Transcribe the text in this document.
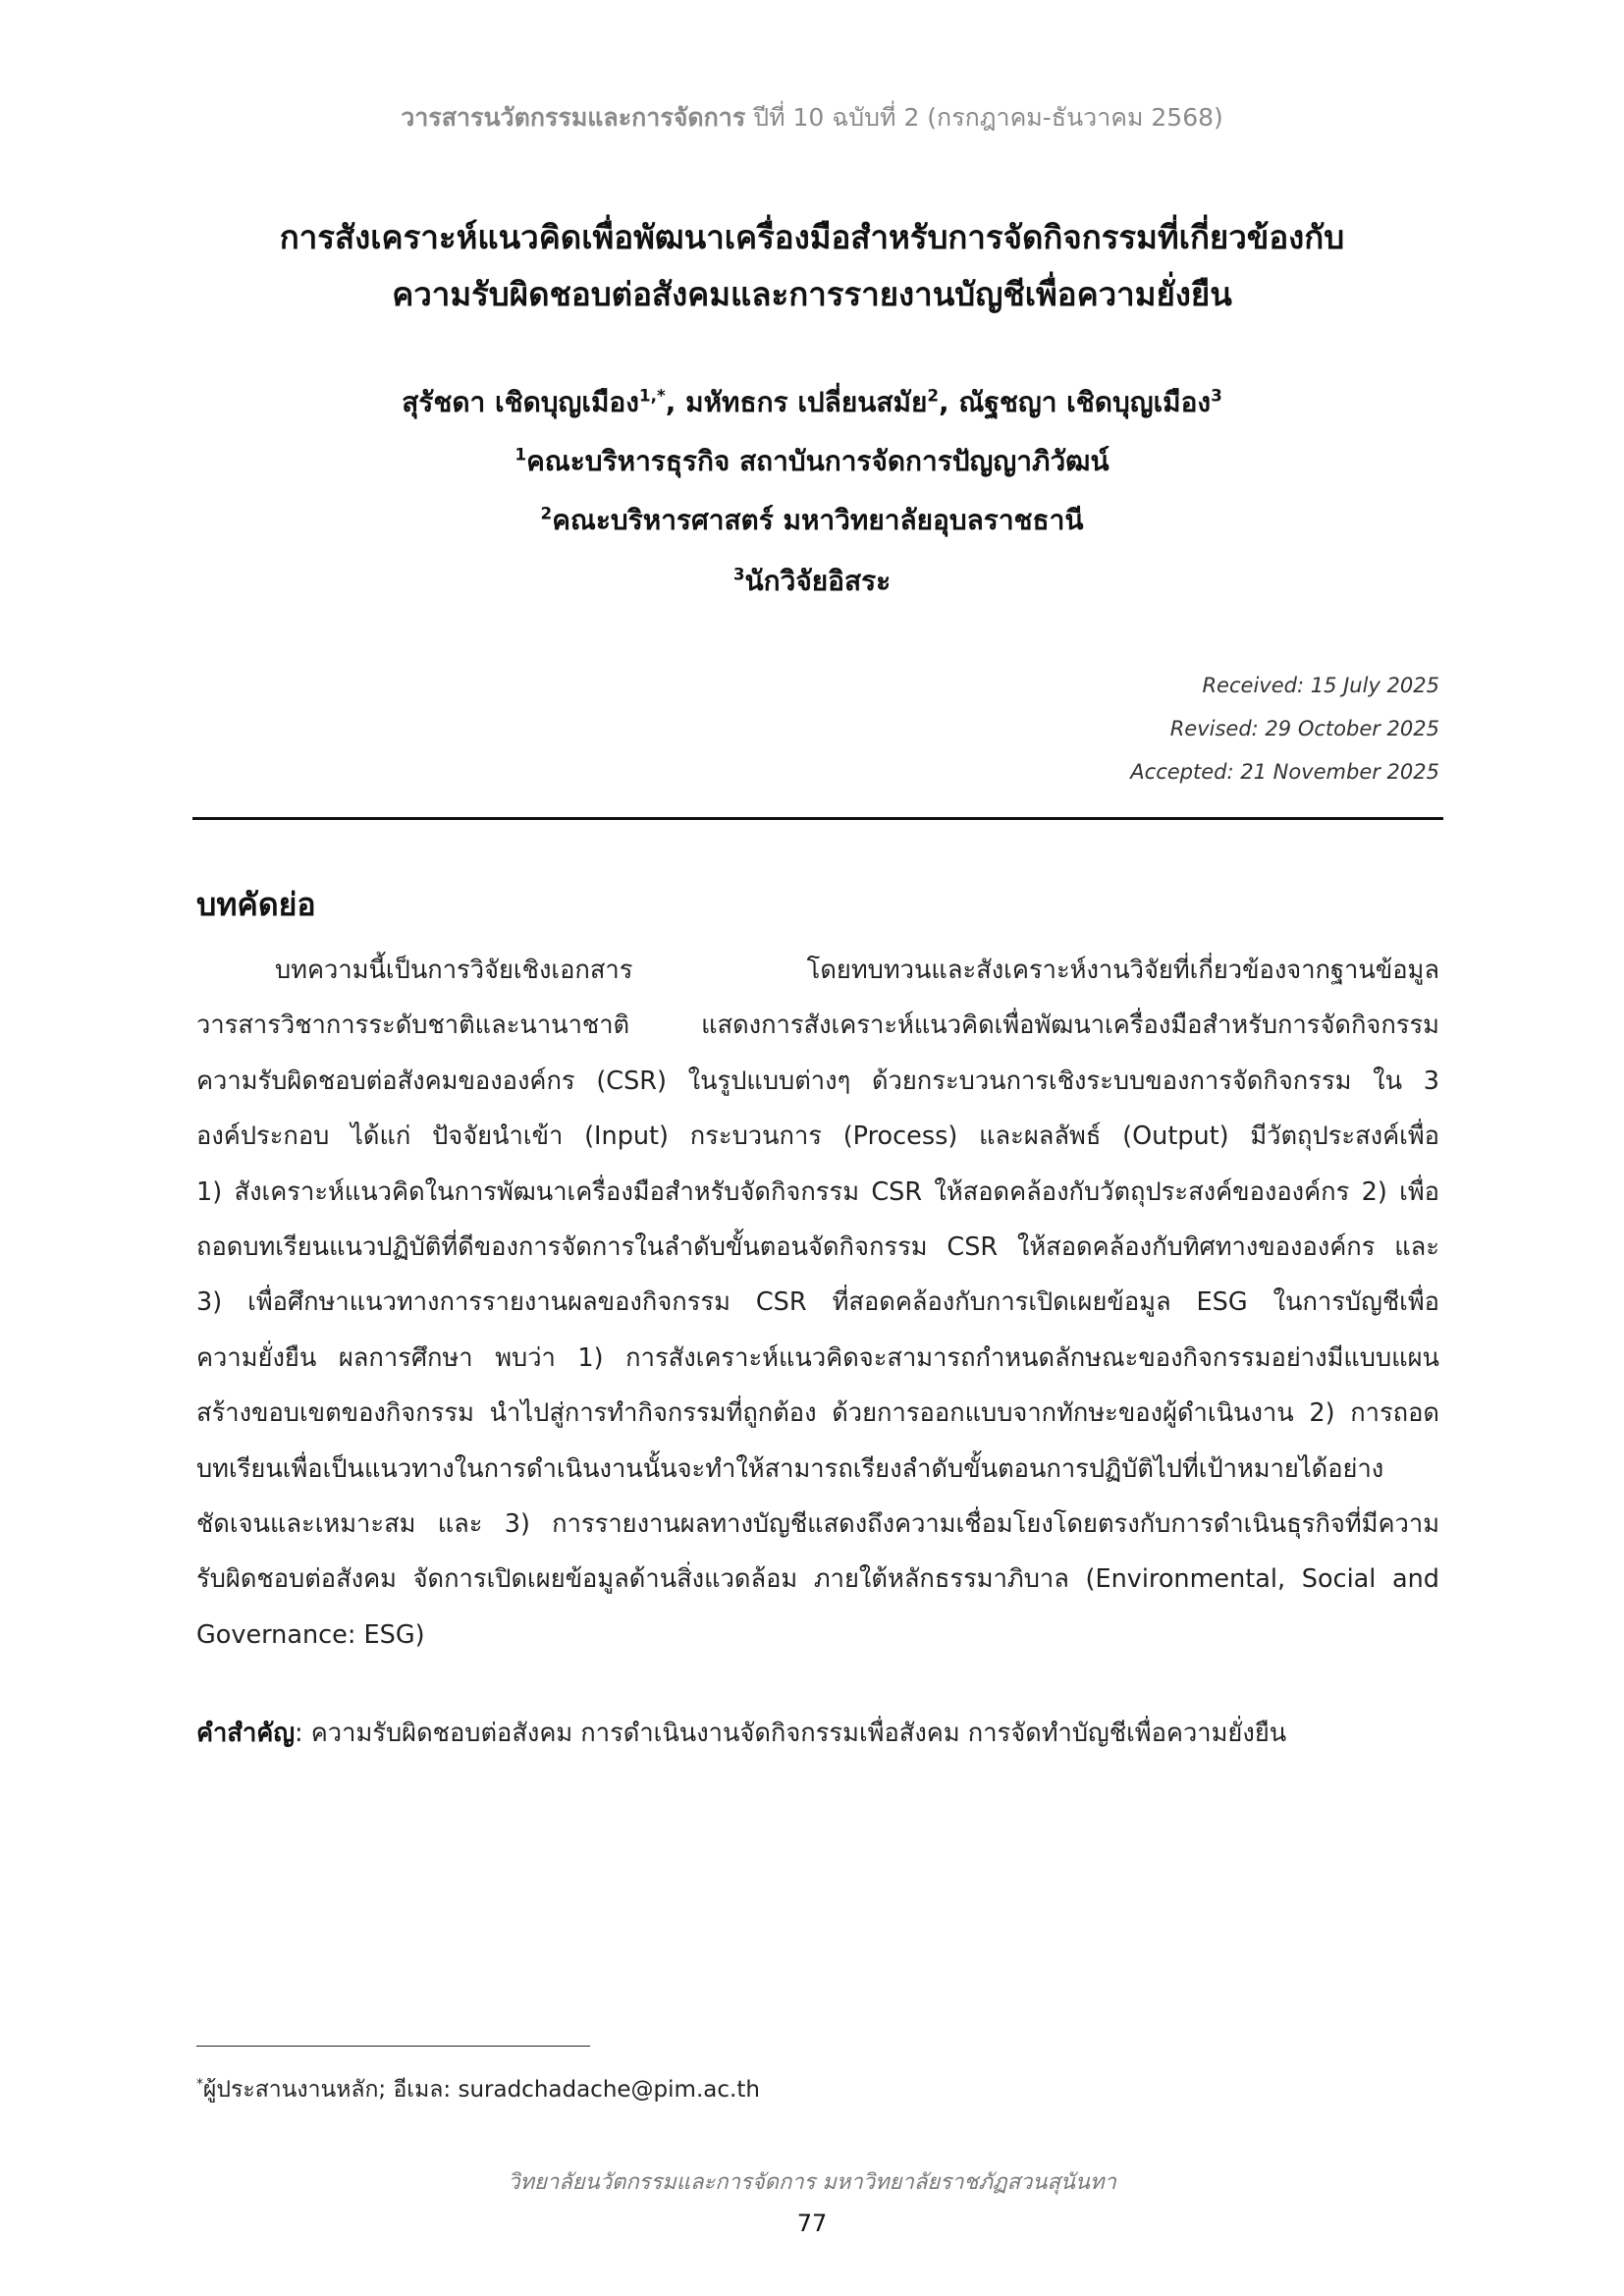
วารสารนวัตกรรมและการจัดการ ปีที่ 10 ฉบับที่ 2 (กรกฎาคม-ธันวาคม 2568)
การสังเคราะห์แนวคิดเพื่อพัฒนาเครื่องมือสำหรับการจัดกิจกรรมที่เกี่ยวข้องกับ
ความรับผิดชอบต่อสังคมและการรายงานบัญชีเพื่อความยั่งยืน
สุรัชดา เชิดบุญเมือง$^{1,*}$, มหัทธกร เปลี่ยนสมัย$^2$, ณัฐชญา เชิดบุญเมือง$^3$
$^1$คณะบริหารธุรกิจ สถาบันการจัดการปัญญาภิวัฒน์
$^2$คณะบริหารศาสตร์ มหาวิทยาลัยอุบลราชธานี
$^3$นักวิจัยอิสระ
Received: 15 July 2025
Revised: 29 October 2025
Accepted: 21 November 2025
บทคัดย่อ
บทความนี้เป็นการวิจัยเชิงเอกสาร โดยทบทวนและสังเคราะห์งานวิจัยที่เกี่ยวข้องจากฐานข้อมูล
วารสารวิชาการระดับชาติและนานาชาติ แสดงการสังเคราะห์แนวคิดเพื่อพัฒนาเครื่องมือสำหรับการจัดกิจกรรม
ความรับผิดชอบต่อสังคมขององค์กร (CSR) ในรูปแบบต่างๆ ด้วยกระบวนการเชิงระบบของการจัดกิจกรรม ใน 3
องค์ประกอบ ได้แก่ ปัจจัยนำเข้า (Input) กระบวนการ (Process) และผลลัพธ์ (Output) มีวัตถุประสงค์เพื่อ
1) สังเคราะห์แนวคิดในการพัฒนาเครื่องมือสำหรับจัดกิจกรรม CSR ให้สอดคล้องกับวัตถุประสงค์ขององค์กร 2) เพื่อ
ถอดบทเรียนแนวปฏิบัติที่ดีของการจัดการในลำดับขั้นตอนจัดกิจกรรม CSR ให้สอดคล้องกับทิศทางขององค์กร และ
3) เพื่อศึกษาแนวทางการรายงานผลของกิจกรรม CSR ที่สอดคล้องกับการเปิดเผยข้อมูล ESG ในการบัญชีเพื่อ
ความยั่งยืน ผลการศึกษา พบว่า 1) การสังเคราะห์แนวคิดจะสามารถกำหนดลักษณะของกิจกรรมอย่างมีแบบแผน
สร้างขอบเขตของกิจกรรม นำไปสู่การทำกิจกรรมที่ถูกต้อง ด้วยการออกแบบจากทักษะของผู้ดำเนินงาน 2) การถอด
บทเรียนเพื่อเป็นแนวทางในการดำเนินงานนั้นจะทำให้สามารถเรียงลำดับขั้นตอนการปฏิบัติไปที่เป้าหมายได้อย่าง
ชัดเจนและเหมาะสม และ 3) การรายงานผลทางบัญชีแสดงถึงความเชื่อมโยงโดยตรงกับการดำเนินธุรกิจที่มีความ
รับผิดชอบต่อสังคม จัดการเปิดเผยข้อมูลด้านสิ่งแวดล้อม ภายใต้หลักธรรมาภิบาล (Environmental, Social and
Governance: ESG)
คำสำคัญ: ความรับผิดชอบต่อสังคม การดำเนินงานจัดกิจกรรมเพื่อสังคม การจัดทำบัญชีเพื่อความยั่งยืน
*ผู้ประสานงานหลัก; อีเมล: suradchadache@pim.ac.th
วิทยาลัยนวัตกรรมและการจัดการ มหาวิทยาลัยราชภัฏสวนสุนันทา
77
